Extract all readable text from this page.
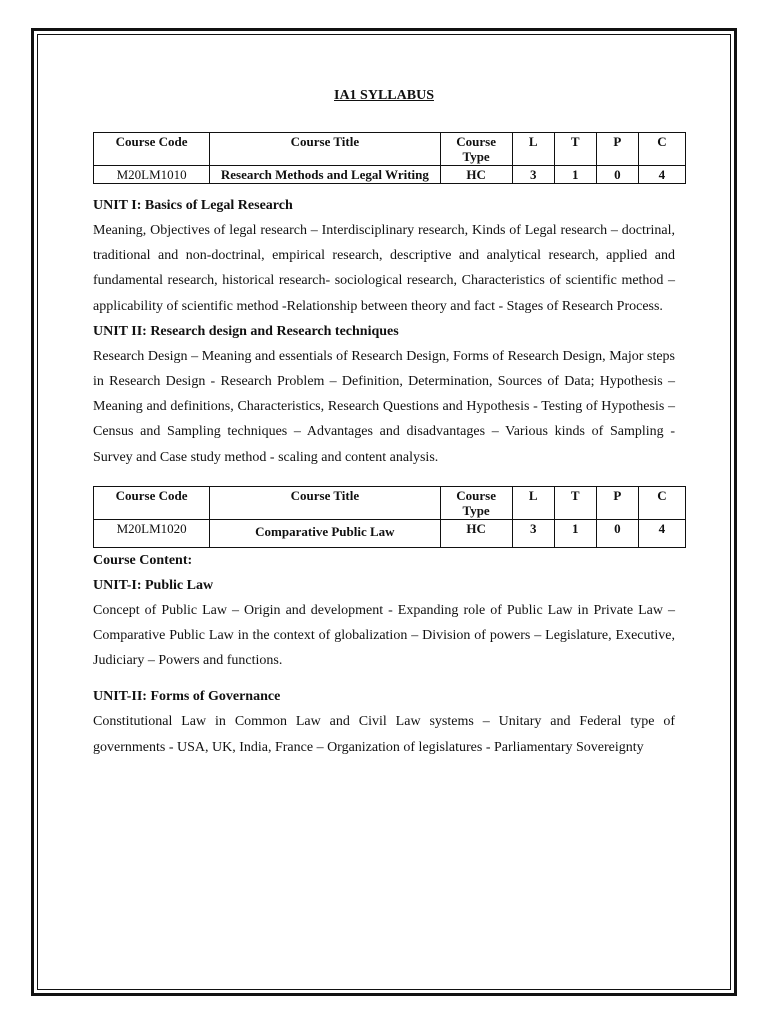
IA1 SYLLABUS
Course Code	Course Title	Course Type	L	T	P	C
M20LM1010	Research Methods and Legal Writing	HC	3	1	0	4

UNIT I: Basics of Legal Research

Meaning, Objectives of legal research – Interdisciplinary research, Kinds of Legal research – doctrinal, traditional and non-doctrinal, empirical research, descriptive and analytical research, applied and fundamental research, historical research- sociological research, Characteristics of scientific method – applicability of scientific method -Relationship between theory and fact - Stages of Research Process.

UNIT II: Research design and Research techniques

Research Design – Meaning and essentials of Research Design, Forms of Research Design, Major steps in Research Design - Research Problem – Definition, Determination, Sources of Data; Hypothesis – Meaning and definitions, Characteristics, Research Questions and Hypothesis - Testing of Hypothesis – Census and Sampling techniques – Advantages and disadvantages – Various kinds of Sampling - Survey and Case study method - scaling and content analysis.

Course Code	Course Title	Course Type	L	T	P	C
M20LM1020	Comparative Public Law	HC	3	1	0	4

Course Content:

UNIT-I: Public Law

Concept of Public Law – Origin and development - Expanding role of Public Law in Private Law – Comparative Public Law in the context of globalization – Division of powers – Legislature, Executive, Judiciary – Powers and functions.

UNIT-II: Forms of Governance

Constitutional Law in Common Law and Civil Law systems – Unitary and Federal type of governments - USA, UK, India, France – Organization of legislatures - Parliamentary Sovereignty
